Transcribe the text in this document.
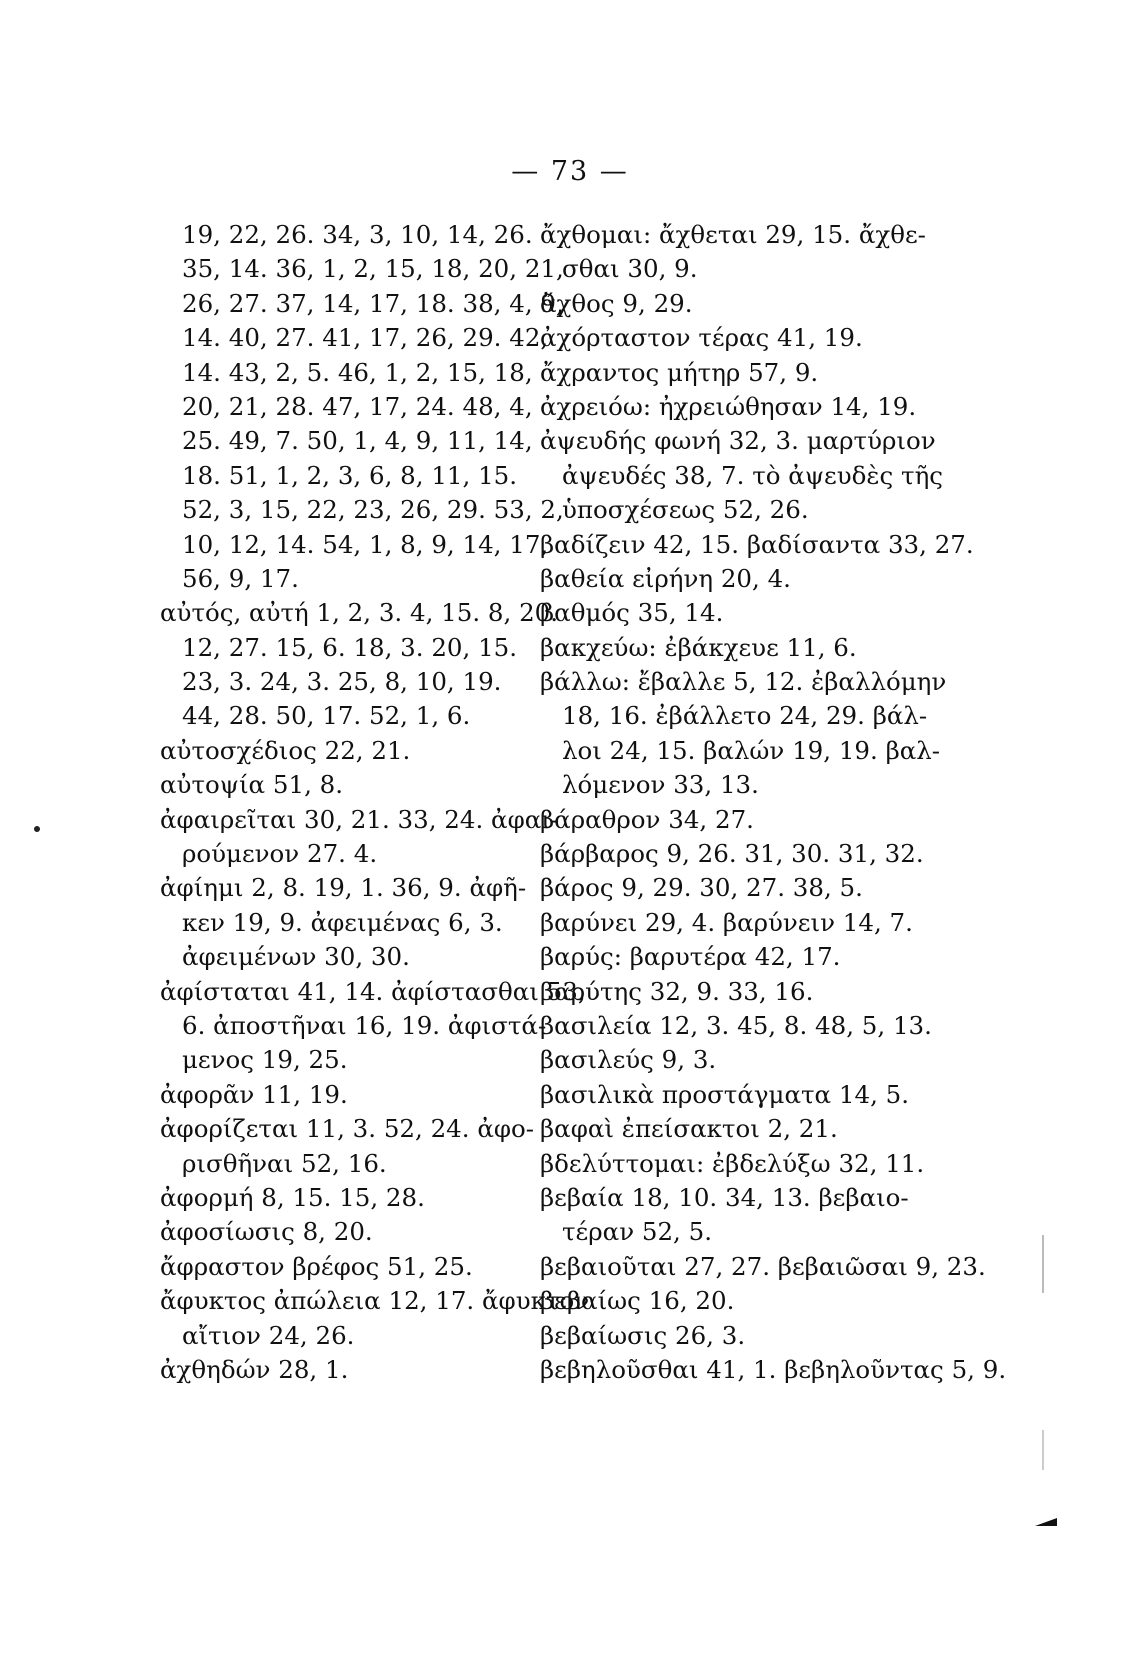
— 73 —
19, 22, 26. 34, 3, 10, 14, 26.
35, 14. 36, 1, 2, 15, 18, 20, 21,
26, 27. 37, 14, 17, 18. 38, 4, 9,
14. 40, 27. 41, 17, 26, 29. 42,
14. 43, 2, 5. 46, 1, 2, 15, 18,
20, 21, 28. 47, 17, 24. 48, 4,
25. 49, 7. 50, 1, 4, 9, 11, 14,
18. 51, 1, 2, 3, 6, 8, 11, 15.
52, 3, 15, 22, 23, 26, 29. 53, 2,
10, 12, 14. 54, 1, 8, 9, 14, 17,
56, 9, 17.
αὐτός, αὐτή 1, 2, 3. 4, 15. 8, 20.
12, 27. 15, 6. 18, 3. 20, 15.
23, 3. 24, 3. 25, 8, 10, 19.
44, 28. 50, 17. 52, 1, 6.
αὐτοσχέδιος 22, 21.
αὐτοψία 51, 8.
ἀφαιρεῖται 30, 21. 33, 24. ἀφαι-
ρούμενον 27. 4.
ἀφίημι 2, 8. 19, 1. 36, 9. ἀφῆ-
κεν 19, 9. ἀφειμένας 6, 3.
ἀφειμένων 30, 30.
ἀφίσταται 41, 14. ἀφίστασθαι 53,
6. ἀποστῆναι 16, 19. ἀφιστά-
μενος 19, 25.
ἀφορᾶν 11, 19.
ἀφορίζεται 11, 3. 52, 24. ἀφο-
ρισθῆναι 52, 16.
ἀφορμή 8, 15. 15, 28.
ἀφοσίωσις 8, 20.
ἄφραστον βρέφος 51, 25.
ἄφυκτος ἀπώλεια 12, 17. ἄφυκτον
αἴτιον 24, 26.
ἀχθηδών 28, 1.
ἄχθομαι: ἄχθεται 29, 15. ἄχθε-
σθαι 30, 9.
ἄχθος 9, 29.
ἀχόρταστον τέρας 41, 19.
ἄχραντος μήτηρ 57, 9.
ἀχρειόω: ἠχρειώθησαν 14, 19.
ἀψευδής φωνή 32, 3. μαρτύριον
ἀψευδές 38, 7. τὸ ἀψευδὲς τῆς
ὑποσχέσεως 52, 26.
βαδίζειν 42, 15. βαδίσαντα 33, 27.
βαθεία εἰρήνη 20, 4.
βαθμός 35, 14.
βακχεύω: ἐβάκχευε 11, 6.
βάλλω: ἔβαλλε 5, 12. ἐβαλλόμην
18, 16. ἐβάλλετο 24, 29. βάλ-
λοι 24, 15. βαλών 19, 19. βαλ-
λόμενον 33, 13.
βάραθρον 34, 27.
βάρβαρος 9, 26. 31, 30. 31, 32.
βάρος 9, 29. 30, 27. 38, 5.
βαρύνει 29, 4. βαρύνειν 14, 7.
βαρύς: βαρυτέρα 42, 17.
βαρύτης 32, 9. 33, 16.
βασιλεία 12, 3. 45, 8. 48, 5, 13.
βασιλεύς 9, 3.
βασιλικὰ προστάγματα 14, 5.
βαφαὶ ἐπείσακτοι 2, 21.
βδελύττομαι: ἐβδελύξω 32, 11.
βεβαία 18, 10. 34, 13. βεβαιο-
τέραν 52, 5.
βεβαιοῦται 27, 27. βεβαιῶσαι 9, 23.
βεβαίως 16, 20.
βεβαίωσις 26, 3.
βεβηλοῦσθαι 41, 1. βεβηλοῦντας 5, 9.
